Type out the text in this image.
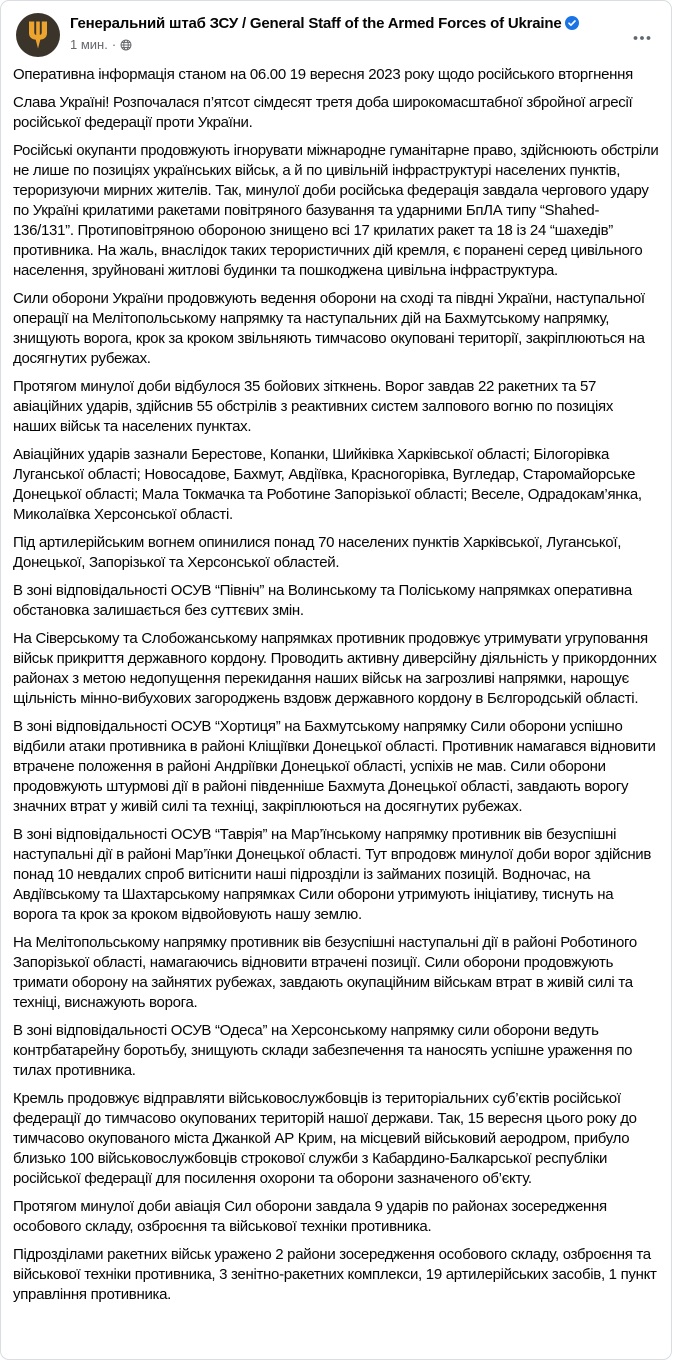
Генеральний штаб ЗСУ / General Staff of the Armed Forces of Ukraine
1 мин. ·

Оперативна інформація станом на 06.00 19 вересня 2023 року щодо російського вторгнення

Слава Україні! Розпочалася п’ятсот сімдесят третя доба широкомасштабної збройної агресії російської федерації проти України.

Російські окупанти продовжують ігнорувати міжнародне гуманітарне право, здійснюють обстріли не лише по позиціях українських військ, а й по цивільній інфраструктурі населених пунктів, тероризуючи мирних жителів. Так, минулої доби російська федерація завдала чергового удару по Україні крилатими ракетами повітряного базування та ударними БпЛА типу “Shahed-136/131”. Протиповітряною обороною знищено всі 17 крилатих ракет та 18 із 24 “шахедів” противника. На жаль, внаслідок таких терористичних дій кремля, є поранені серед цивільного населення, зруйновані житлові будинки та пошкоджена цивільна інфраструктура.

Сили оборони України продовжують ведення оборони на сході та півдні України, наступальної операції на Мелітопольському напрямку та наступальних дій на Бахмутському напрямку, знищують ворога, крок за кроком звільняють тимчасово окуповані території, закріплюються на досягнутих рубежах.

Протягом минулої доби відбулося 35 бойових зіткнень. Ворог завдав 22 ракетних та 57 авіаційних ударів, здійснив 55 обстрілів з реактивних систем залпового вогню по позиціях наших військ та населених пунктах.

Авіаційних ударів зазнали Берестове, Копанки, Шийківка Харківської області; Білогорівка Луганської області; Новосадове, Бахмут, Авдіївка, Красногорівка, Вугледар, Старомайорське Донецької області; Мала Токмачка та Роботине Запорізької області; Веселе, Одрадокам’янка, Миколаївка Херсонської області.

Під артилерійським вогнем опинилися понад 70 населених пунктів Харківської, Луганської, Донецької, Запорізької та Херсонської областей.

В зоні відповідальності ОСУВ “Північ” на Волинському та Поліському напрямках оперативна обстановка залишається без суттєвих змін.

На Сіверському та Слобожанському напрямках противник продовжує утримувати угруповання військ прикриття державного кордону. Проводить активну диверсійну діяльність у прикордонних районах з метою недопущення перекидання наших військ на загрозливі напрямки, нарощує щільність мінно-вибухових загороджень вздовж державного кордону в Бєлгородській області.

В зоні відповідальності ОСУВ “Хортиця” на Бахмутському напрямку Сили оборони успішно відбили атаки противника в районі Кліщіївки Донецької області. Противник намагався відновити втрачене положення в районі Андріївки Донецької області, успіхів не мав. Сили оборони продовжують штурмові дії в районі південніше Бахмута Донецької області, завдають ворогу значних втрат у живій силі та техніці, закріплюються на досягнутих рубежах.

В зоні відповідальності ОСУВ “Таврія” на Мар’їнському напрямку противник вів безуспішні наступальні дії в районі Мар’їнки Донецької області. Тут впродовж минулої доби ворог здійснив понад 10 невдалих спроб витіснити наші підрозділи із займаних позицій. Водночас, на Авдіївському та Шахтарському напрямках Сили оборони утримують ініціативу, тиснуть на ворога та крок за кроком відвойовують нашу землю.

На Мелітопольському напрямку противник вів безуспішні наступальні дії в районі Роботиного Запорізької області, намагаючись відновити втрачені позиції. Сили оборони продовжують тримати оборону на зайнятих рубежах, завдають окупаційним військам втрат в живій силі та техніці, виснажують ворога.

В зоні відповідальності ОСУВ “Одеса” на Херсонському напрямку сили оборони ведуть контрбатарейну боротьбу, знищують склади забезпечення та наносять успішне ураження по тилах противника.

Кремль продовжує відправляти військовослужбовців із територіальних суб’єктів російської федерації до тимчасово окупованих територій нашої держави. Так, 15 вересня цього року до тимчасово окупованого міста Джанкой АР Крим, на місцевий військовий аеродром, прибуло близько 100 військовослужбовців строкової служби з Кабардино-Балкарської республіки російської федерації для посилення охорони та оборони зазначеного об’єкту.

Протягом минулої доби авіація Сил оборони завдала 9 ударів по районах зосередження особового складу, озброєння та військової техніки противника.

Підрозділами ракетних військ уражено 2 райони зосередження особового складу, озброєння та військової техніки противника, 3 зенітно-ракетних комплекси, 19 артилерійських засобів, 1 пункт управління противника.
